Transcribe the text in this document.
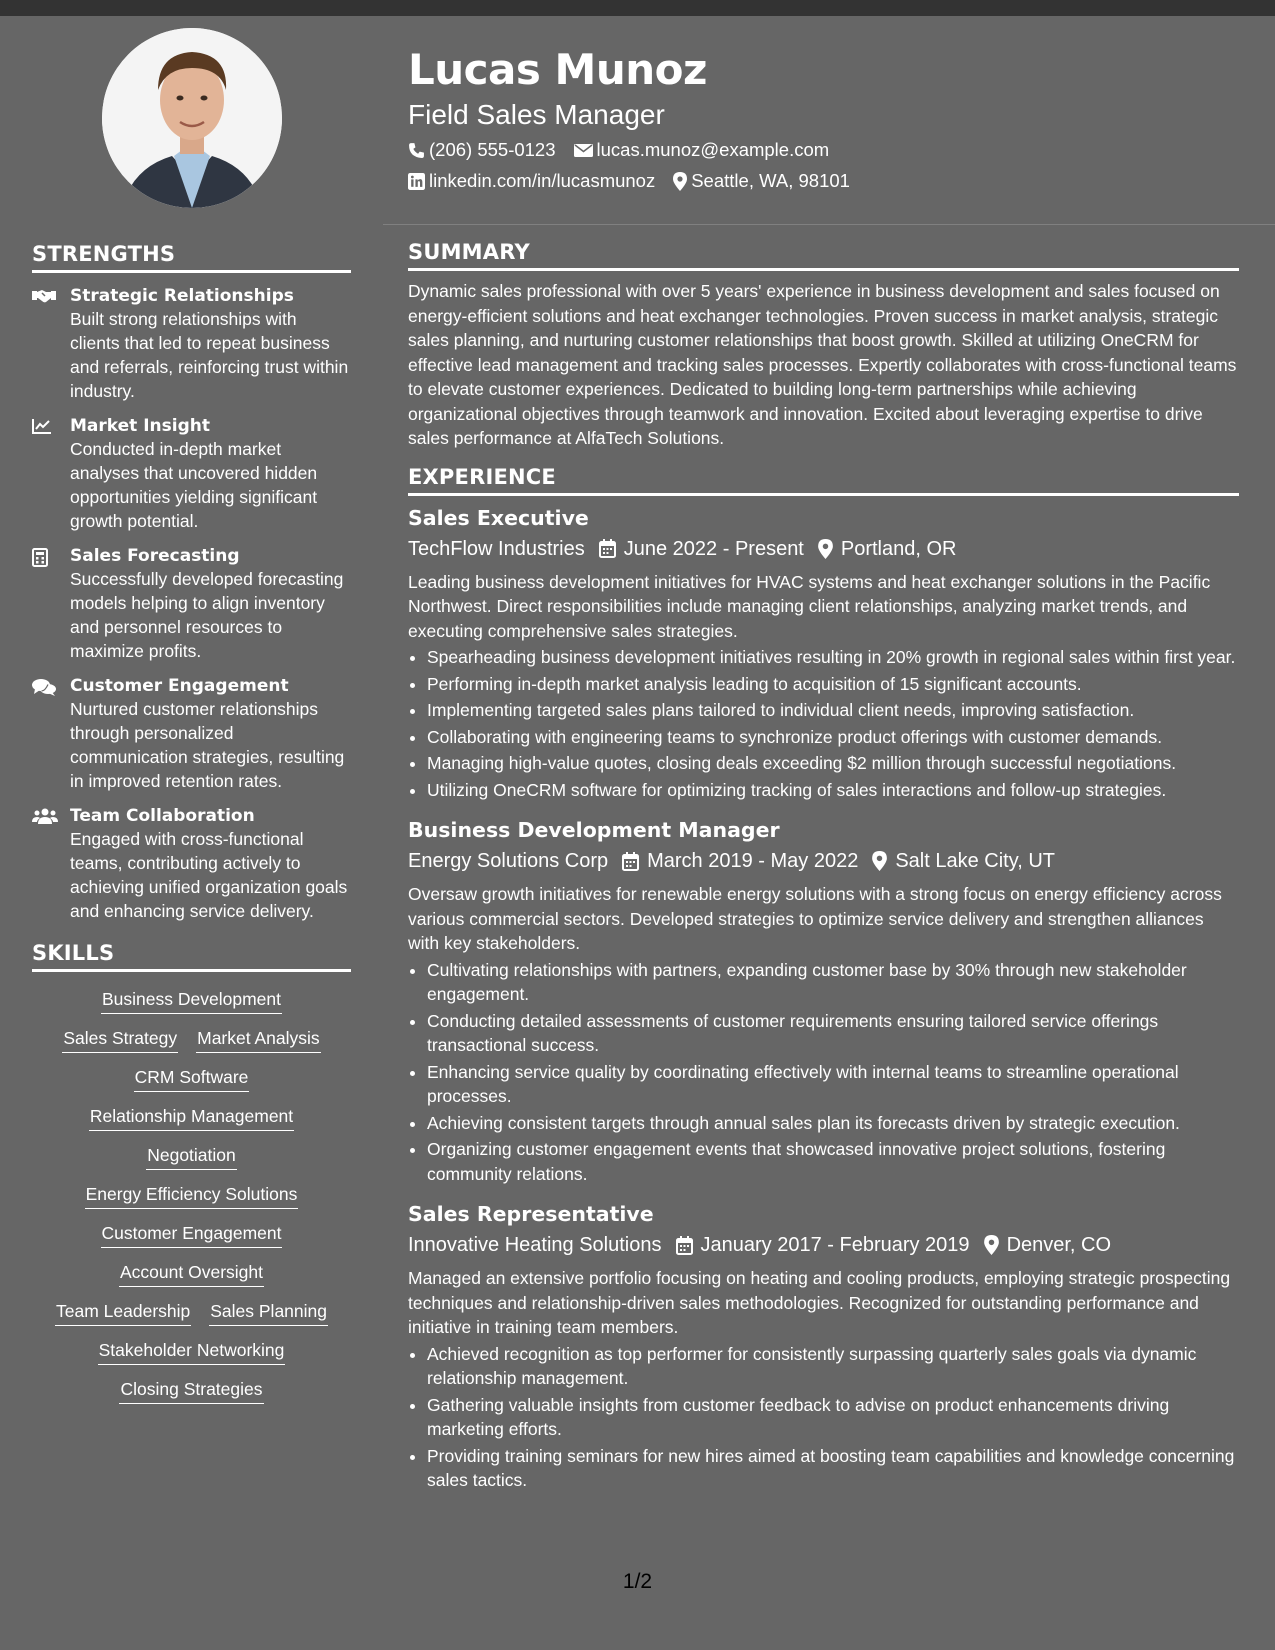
STRENGTHS
Strategic Relationships
Built strong relationships with clients that led to repeat business and referrals, reinforcing trust within industry.
Market Insight
Conducted in-depth market analyses that uncovered hidden opportunities yielding significant growth potential.
Sales Forecasting
Successfully developed forecasting models helping to align inventory and personnel resources to maximize profits.
Customer Engagement
Nurtured customer relationships through personalized communication strategies, resulting in improved retention rates.
Team Collaboration
Engaged with cross-functional teams, contributing actively to achieving unified organization goals and enhancing service delivery.
SKILLS
Business Development
Sales Strategy Market Analysis
CRM Software
Relationship Management
Negotiation
Energy Efficiency Solutions
Customer Engagement
Account Oversight
Team Leadership Sales Planning
Stakeholder Networking
Closing Strategies
Lucas Munoz
Field Sales Manager
(206) 555-0123 lucas.munoz@example.com
linkedin.com/in/lucasmunoz Seattle, WA, 98101
SUMMARY
Dynamic sales professional with over 5 years' experience in business development and sales focused on energy-efficient solutions and heat exchanger technologies. Proven success in market analysis, strategic sales planning, and nurturing customer relationships that boost growth. Skilled at utilizing OneCRM for effective lead management and tracking sales processes. Expertly collaborates with cross-functional teams to elevate customer experiences. Dedicated to building long-term partnerships while achieving organizational objectives through teamwork and innovation. Excited about leveraging expertise to drive sales performance at AlfaTech Solutions.
EXPERIENCE
Sales Executive
TechFlow Industries June 2022 - Present Portland, OR
Leading business development initiatives for HVAC systems and heat exchanger solutions in the Pacific Northwest. Direct responsibilities include managing client relationships, analyzing market trends, and executing comprehensive sales strategies.
• Spearheading business development initiatives resulting in 20% growth in regional sales within first year.
• Performing in-depth market analysis leading to acquisition of 15 significant accounts.
• Implementing targeted sales plans tailored to individual client needs, improving satisfaction.
• Collaborating with engineering teams to synchronize product offerings with customer demands.
• Managing high-value quotes, closing deals exceeding $2 million through successful negotiations.
• Utilizing OneCRM software for optimizing tracking of sales interactions and follow-up strategies.
Business Development Manager
Energy Solutions Corp March 2019 - May 2022 Salt Lake City, UT
Oversaw growth initiatives for renewable energy solutions with a strong focus on energy efficiency across various commercial sectors. Developed strategies to optimize service delivery and strengthen alliances with key stakeholders.
• Cultivating relationships with partners, expanding customer base by 30% through new stakeholder engagement.
• Conducting detailed assessments of customer requirements ensuring tailored service offerings transactional success.
• Enhancing service quality by coordinating effectively with internal teams to streamline operational processes.
• Achieving consistent targets through annual sales plan its forecasts driven by strategic execution.
• Organizing customer engagement events that showcased innovative project solutions, fostering community relations.
Sales Representative
Innovative Heating Solutions January 2017 - February 2019 Denver, CO
Managed an extensive portfolio focusing on heating and cooling products, employing strategic prospecting techniques and relationship-driven sales methodologies. Recognized for outstanding performance and initiative in training team members.
• Achieved recognition as top performer for consistently surpassing quarterly sales goals via dynamic relationship management.
• Gathering valuable insights from customer feedback to advise on product enhancements driving marketing efforts.
• Providing training seminars for new hires aimed at boosting team capabilities and knowledge concerning sales tactics.
1/2
